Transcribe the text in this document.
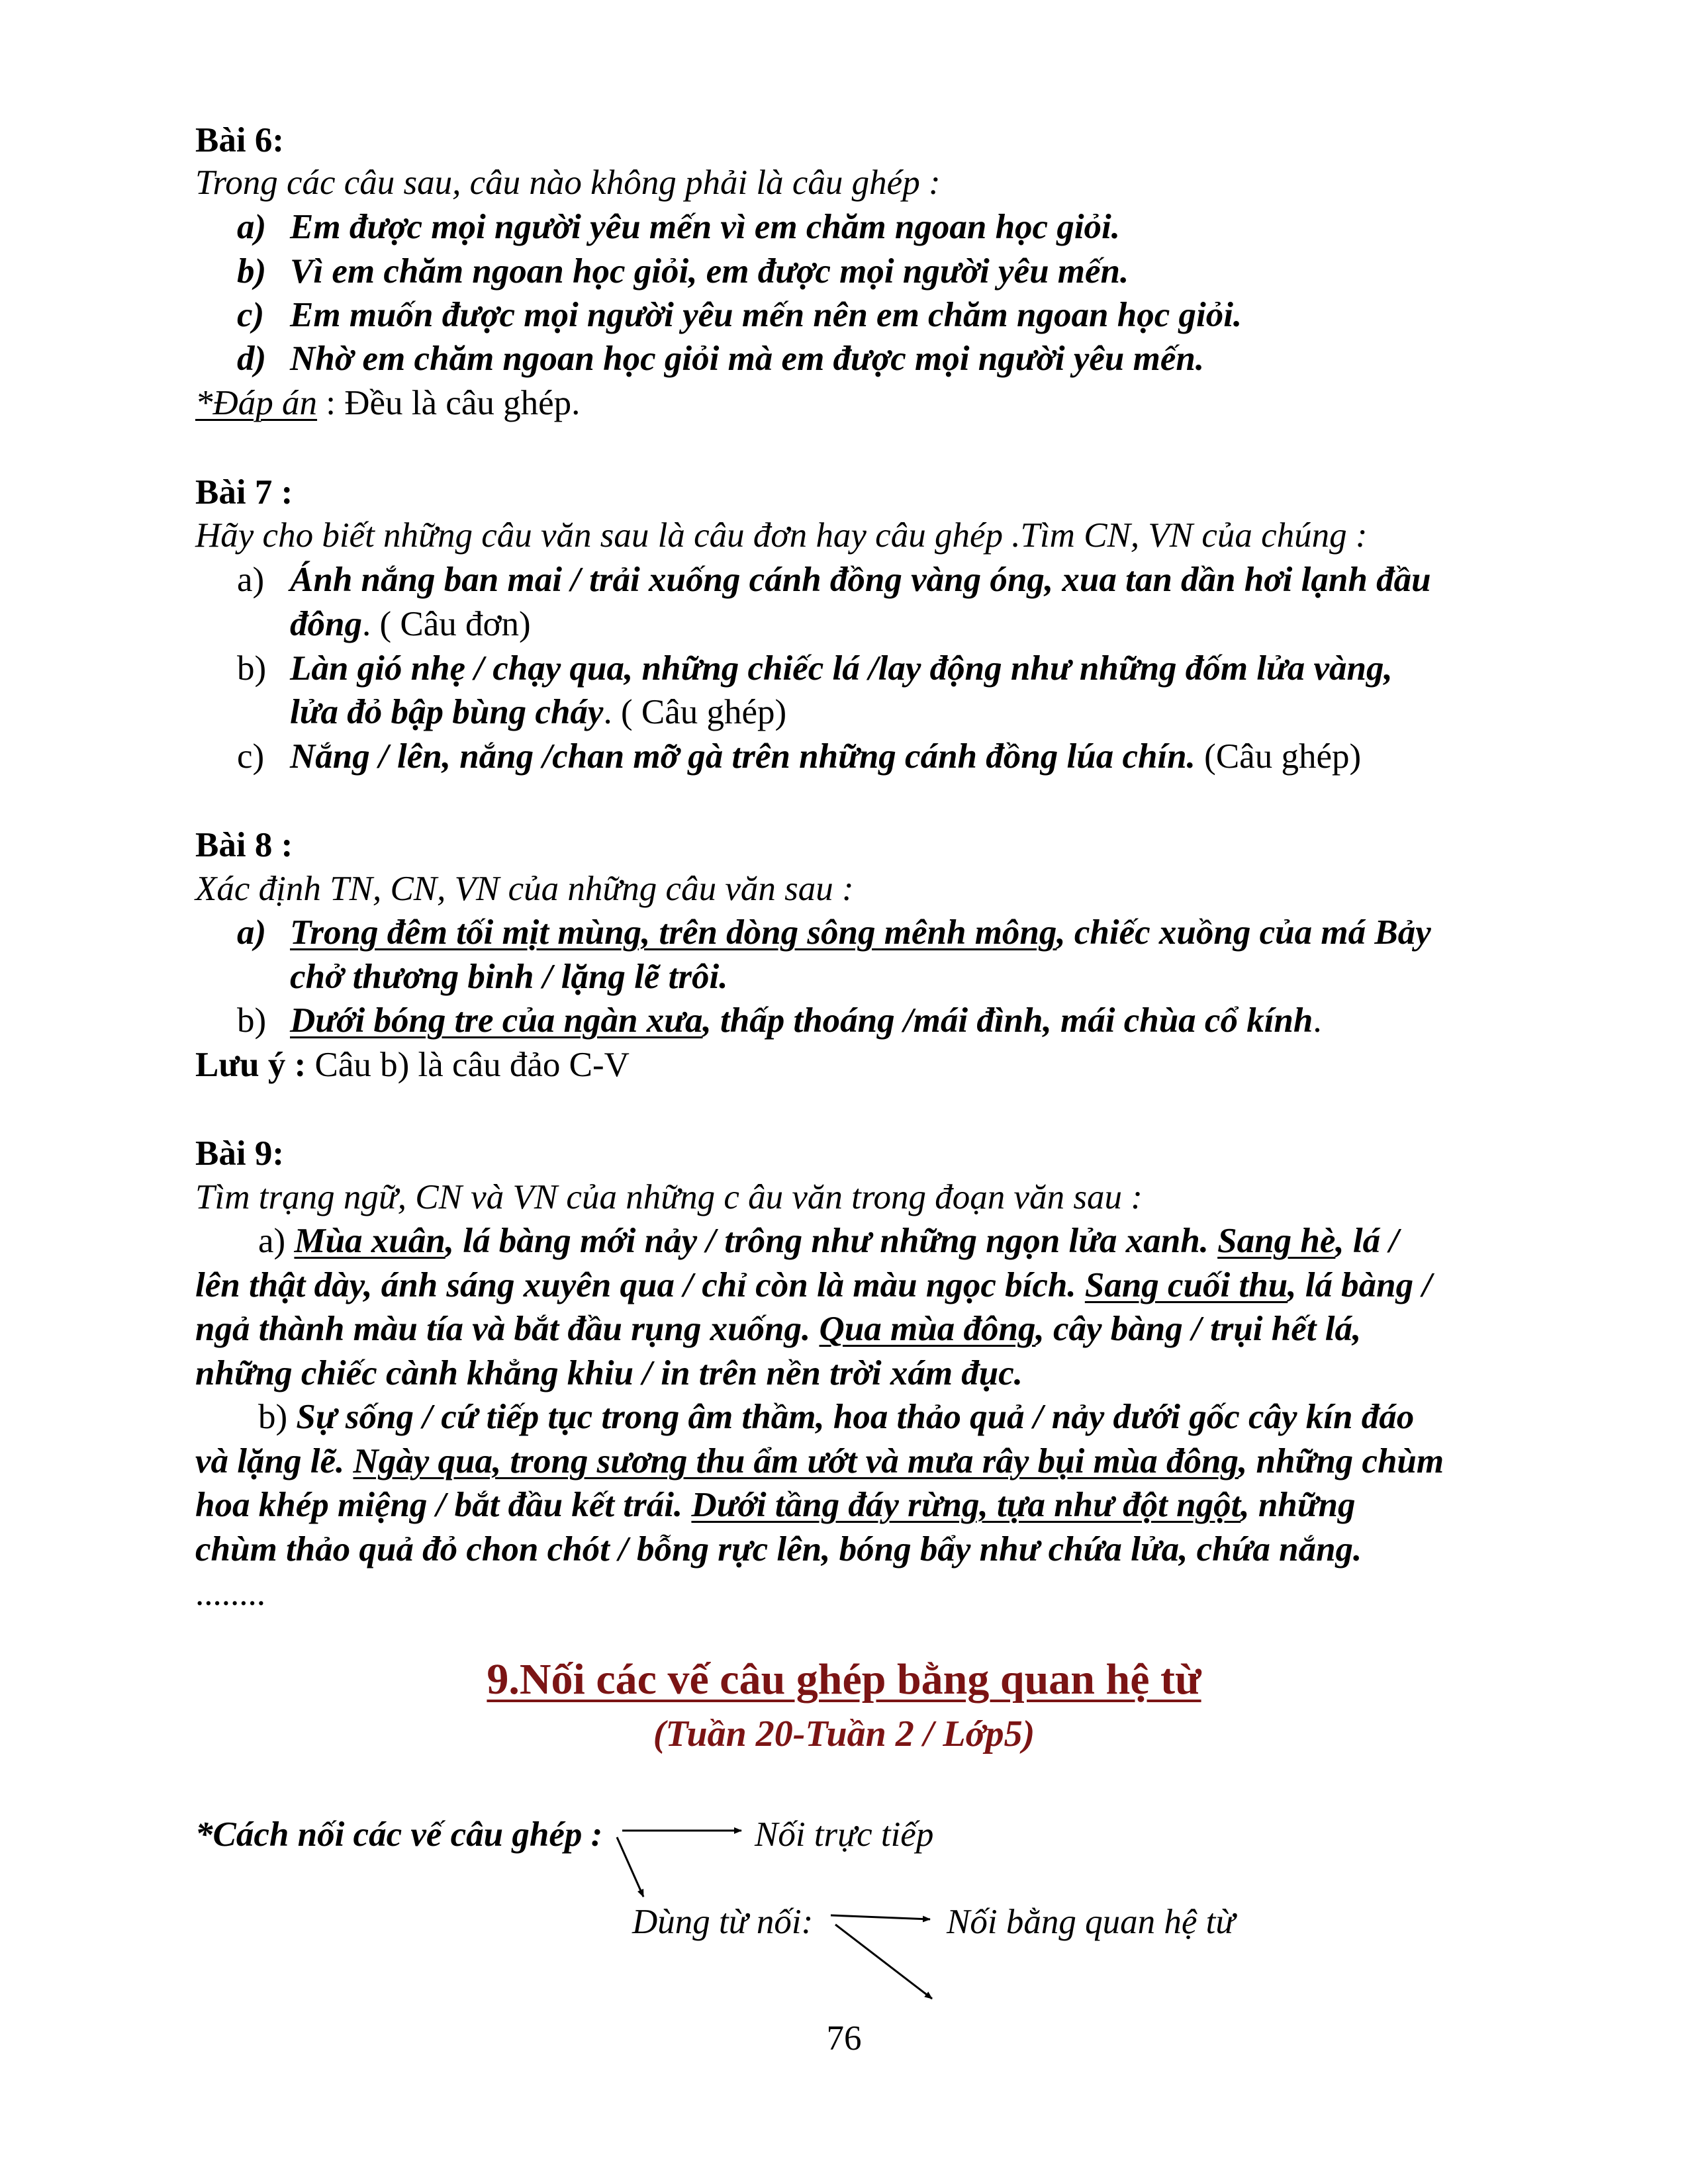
Bài 6:
Trong các câu sau, câu nào không phải là câu ghép :
a) Em được mọi người yêu mến vì em chăm ngoan học giỏi.
b) Vì em chăm ngoan học giỏi, em được mọi người yêu mến.
c) Em muốn được mọi người yêu mến nên em chăm ngoan học giỏi.
d) Nhờ em chăm ngoan học giỏi mà em được mọi người yêu mến.
*Đáp án : Đều là câu ghép.
Bài 7 :
Hãy cho biết những câu văn sau là câu đơn hay câu ghép .Tìm CN, VN của chúng :
a) Ánh nắng ban mai / trải xuống cánh đồng vàng óng, xua tan dần hơi lạnh đầu
đông. ( Câu đơn)
b) Làn gió nhẹ / chạy qua, những chiếc lá /lay động như những đốm lửa vàng,
lửa đỏ bập bùng cháy. ( Câu ghép)
c) Nắng / lên, nắng /chan mỡ gà trên những cánh đồng lúa chín. (Câu ghép)
Bài 8 :
Xác định TN, CN, VN của những câu văn sau :
a) Trong đêm tối mịt mùng, trên dòng sông mênh mông, chiếc xuồng của má Bảy
chở thương binh / lặng lẽ trôi.
b) Dưới bóng tre của ngàn xưa, thấp thoáng /mái đình, mái chùa cổ kính.
Lưu ý : Câu b) là câu đảo C-V
Bài 9:
Tìm trạng ngữ, CN và VN của những c âu văn trong đoạn văn sau :
a) Mùa xuân, lá bàng mới nảy / trông như những ngọn lửa xanh. Sang hè, lá /
lên thật dày, ánh sáng xuyên qua / chỉ còn là màu ngọc bích. Sang cuối thu, lá bàng /
ngả thành màu tía và bắt đầu rụng xuống. Qua mùa đông, cây bàng / trụi hết lá,
những chiếc cành khẳng khiu / in trên nền trời xám đục.
b) Sự sống / cứ tiếp tục trong âm thầm, hoa thảo quả / nảy dưới gốc cây kín đáo
và lặng lẽ. Ngày qua, trong sương thu ẩm ướt và mưa rây bụi mùa đông, những chùm
hoa khép miệng / bắt đầu kết trái. Dưới tầng đáy rừng, tựa như đột ngột, những
chùm thảo quả đỏ chon chót / bỗng rực lên, bóng bẩy như chứa lửa, chứa nắng.
........
9.Nối các vế câu ghép bằng quan hệ từ
(Tuần 20-Tuần 2 / Lớp5)
*Cách nối các vế câu ghép :	Nối trực tiếp
Dùng từ nối:	Nối bằng quan hệ từ
76
